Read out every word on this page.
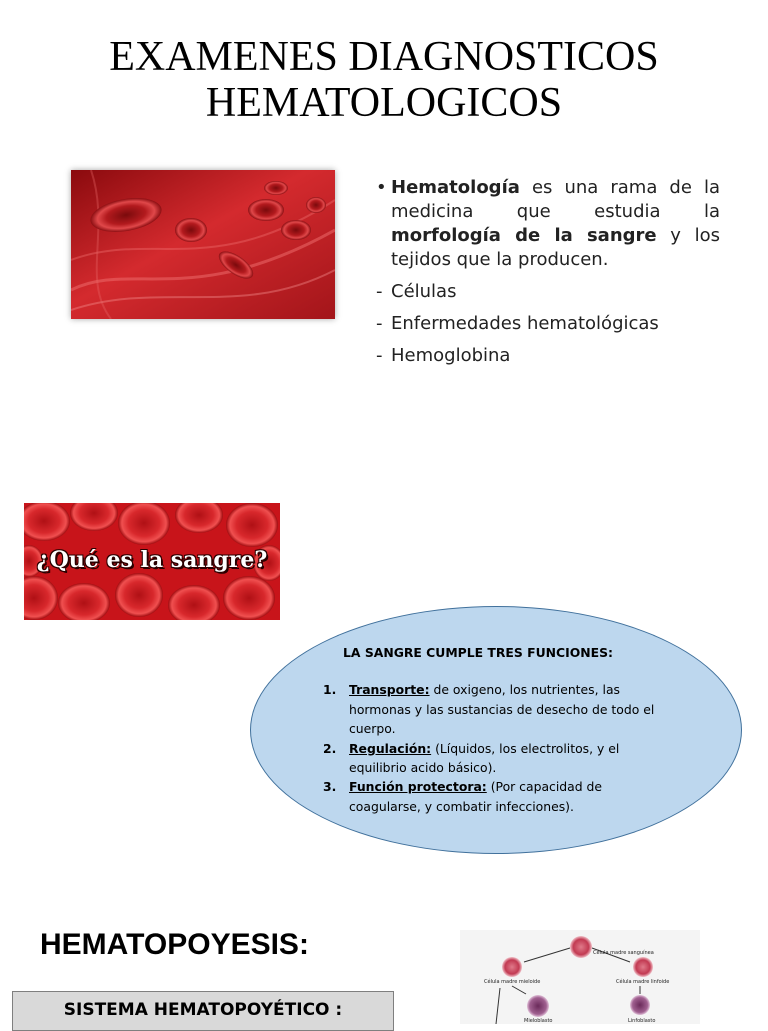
EXAMENES DIAGNOSTICOS
HEMATOLOGICOS
• Hematología es una rama de la medicina que estudia la morfología de la sangre y los tejidos que la producen.
- Células
- Enfermedades hematológicas
- Hemoglobina
¿Qué es la sangre?
LA SANGRE CUMPLE TRES FUNCIONES:
1.	Transporte: de oxigeno, los nutrientes, las hormonas y las sustancias de desecho de todo el cuerpo.
2.	Regulación: (Líquidos, los electrolitos, y el equilibrio acido básico).
3.	Función protectora: (Por capacidad de coagularse, y combatir infecciones).
HEMATOPOYESIS:	Célula madre sanguínea
Célula madre mieloide	Célula madre linfoide
Mieloblasto	Linfoblasto
SISTEMA HEMATOPOYÉTICO :
